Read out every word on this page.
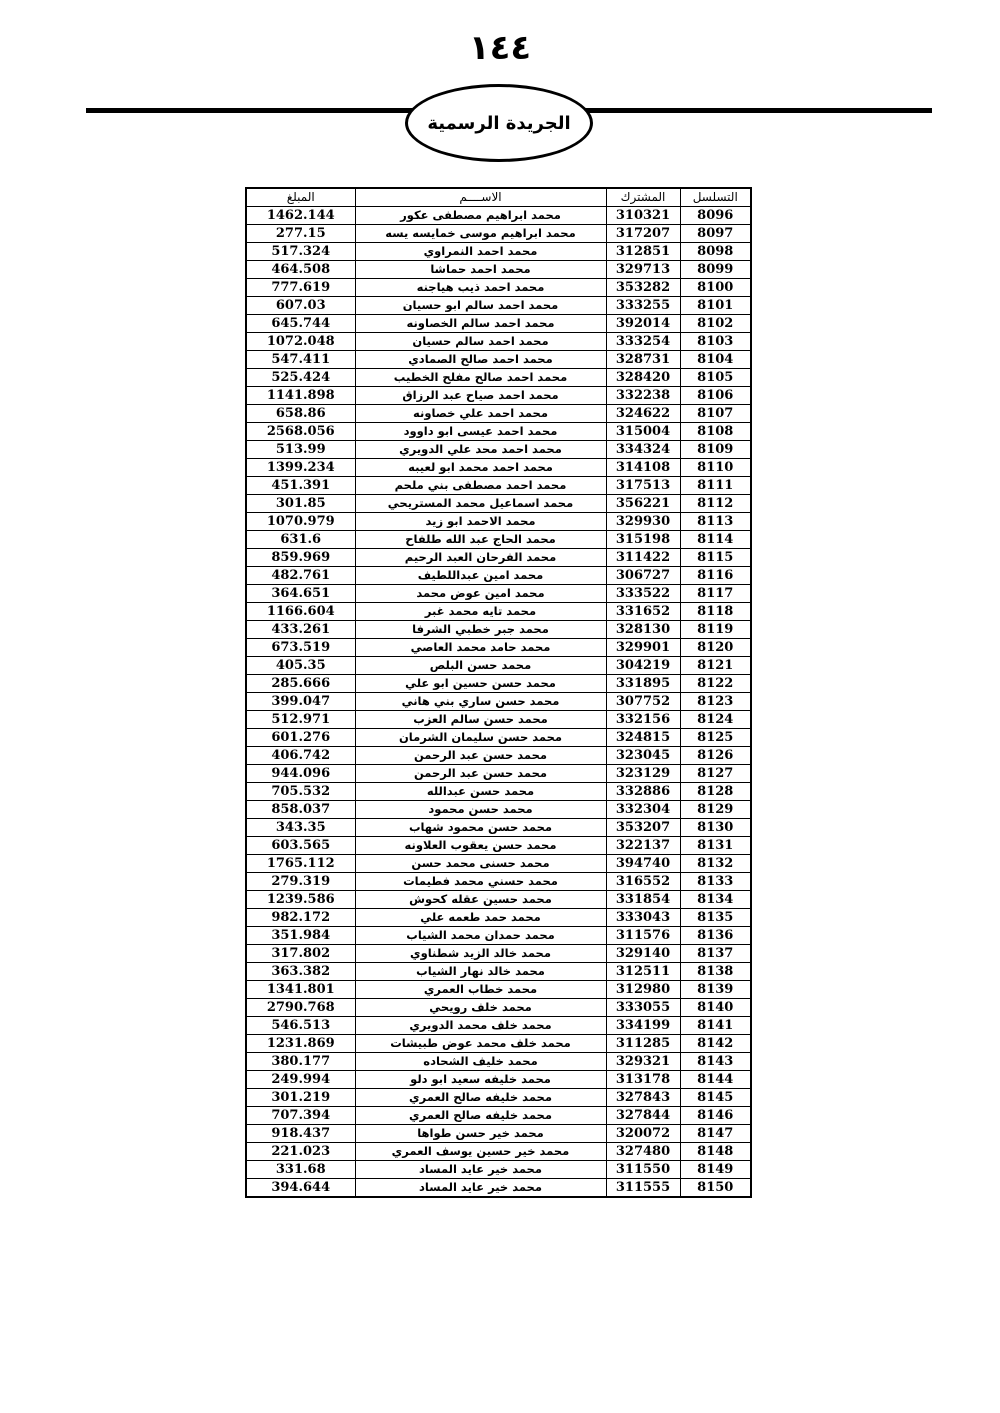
١٤٤
الجريدة الرسمية
التسلسل	المشترك	الاســــم	المبلغ
8096	310321	محمد ابراهيم مصطفى عكور	1462.144
8097	317207	محمد ابراهيم موسى خمايسه يسه	277.15
8098	312851	محمد احمد النمراوي	517.324
8099	329713	محمد احمد حماشا	464.508
8100	353282	محمد احمد ذيب هياجنه	777.619
8101	333255	محمد احمد سالم ابو حسيان	607.03
8102	392014	محمد احمد سالم الخصاونه	645.744
8103	333254	محمد احمد سالم حسيان	1072.048
8104	328731	محمد احمد صالح الصمادي	547.411
8105	328420	محمد احمد صالح مفلح الخطيب	525.424
8106	332238	محمد احمد صياح عبد الرزاق	1141.898
8107	324622	محمد احمد علي خصاونه	658.86
8108	315004	محمد احمد عيسى ابو داوود	2568.056
8109	334324	محمد احمد محد علي الدويري	513.99
8110	314108	محمد احمد محمد ابو لعيبه	1399.234
8111	317513	محمد احمد مصطفى بني ملحم	451.391
8112	356221	محمد اسماعيل محمد المستريحي	301.85
8113	329930	محمد الاحمد ابو زيد	1070.979
8114	315198	محمد الحاج عبد الله طلفاح	631.6
8115	311422	محمد الفرحان العبد الرحيم	859.969
8116	306727	محمد امين عبداللطيف	482.761
8117	333522	محمد امين عوض محمد	364.651
8118	331652	محمد تايه محمد غبر	1166.604
8119	328130	محمد جبر خطبي الشرفا	433.261
8120	329901	محمد حامد محمد العاصي	673.519
8121	304219	محمد حسن البلص	405.35
8122	331895	محمد حسن حسين ابو علي	285.666
8123	307752	محمد حسن ساري بني هاني	399.047
8124	332156	محمد حسن سالم العزب	512.971
8125	324815	محمد حسن سليمان الشرمان	601.276
8126	323045	محمد حسن عبد الرحمن	406.742
8127	323129	محمد حسن عبد الرحمن	944.096
8128	332886	محمد حسن عبدالله	705.532
8129	332304	محمد حسن محمود	858.037
8130	353207	محمد حسن محمود شهاب	343.35
8131	322137	محمد حسن يعقوب العلاونه	603.565
8132	394740	محمد حسنى محمد حسن	1765.112
8133	316552	محمد حسني محمد فطيمات	279.319
8134	331854	محمد حسين عقله كحوش	1239.586
8135	333043	محمد حمد طعمه علي	982.172
8136	311576	محمد حمدان محمد الشياب	351.984
8137	329140	محمد خالد الزيد شطناوي	317.802
8138	312511	محمد خالد نهار الشياب	363.382
8139	312980	محمد خطاب العمري	1341.801
8140	333055	محمد خلف رويحي	2790.768
8141	334199	محمد خلف محمد الدويري	546.513
8142	311285	محمد خلف محمد عوض طبيشات	1231.869
8143	329321	محمد خليف الشحاده	380.177
8144	313178	محمد خليفه سعيد ابو دلو	249.994
8145	327843	محمد خليفه صالح العمري	301.219
8146	327844	محمد خليفه صالح العمري	707.394
8147	320072	محمد خير حسن طواها	918.437
8148	327480	محمد خير حسين يوسف العمري	221.023
8149	311550	محمد خير عايد المساد	331.68
8150	311555	محمد خير عايد المساد	394.644
